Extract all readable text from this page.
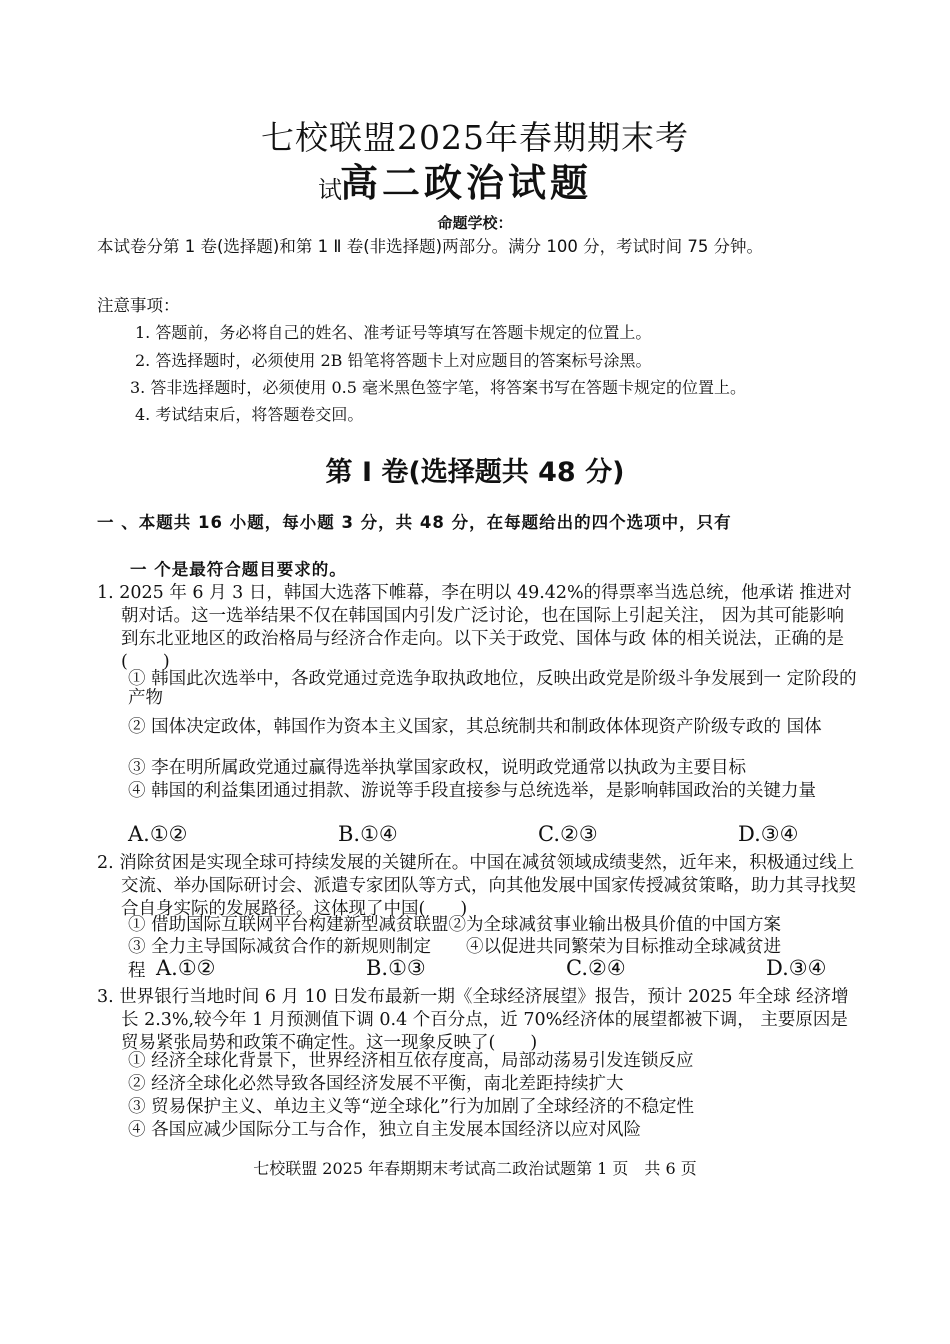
七校联盟2025年春期期末考
试
高二政治试题
命题学校：
本试卷分第 1 卷(选择题)和第 1 Ⅱ 卷(非选择题)两部分。满分 100 分，考试时间 75 分钟。
注意事项：
1. 答题前，务必将自己的姓名、准考证号等填写在答题卡规定的位置上。
2. 答选择题时，必须使用 2B 铅笔将答题卡上对应题目的答案标号涂黑。
3. 答非选择题时，必须使用 0.5 毫米黑色签字笔，将答案书写在答题卡规定的位置上。
4. 考试结束后，将答题卷交回。
第 I 卷(选择题共 48 分)
一 、本题共 16 小题，每小题 3 分，共 48 分，在每题给出的四个选项中，只有
一 个是最符合题目要求的。
1. 2025 年 6 月 3 日，韩国大选落下帷幕，李在明以 49.42%的得票率当选总统，他承诺 推进对朝对话。这一选举结果不仅在韩国国内引发广泛讨论，也在国际上引起关注， 因为其可能影响到东北亚地区的政治格局与经济合作走向。以下关于政党、国体与政 体的相关说法，正确的是(　　)
① 韩国此次选举中，各政党通过竞选争取执政地位，反映出政党是阶级斗争发展到一 定阶段的产物
② 国体决定政体，韩国作为资本主义国家，其总统制共和制政体体现资产阶级专政的 国体
③ 李在明所属政党通过赢得选举执掌国家政权，说明政党通常以执政为主要目标
④ 韩国的利益集团通过捐款、游说等手段直接参与总统选举，是影响韩国政治的关键力量
A.①②	B.①④	C.②③	D.③④
2. 消除贫困是实现全球可持续发展的关键所在。中国在减贫领域成绩斐然，近年来，积极通过线上交流、举办国际研讨会、派遣专家团队等方式，向其他发展中国家传授减贫策略，助力其寻找契合自身实际的发展路径。这体现了中国(　　)
① 借助国际互联网平台构建新型减贫联盟②为全球减贫事业输出极具价值的中国方案
③ 全力主导国际减贫合作的新规则制定　　④以促进共同繁荣为目标推动全球减贫进
程 A.①②	B.①③	C.②④	D.③④
3. 世界银行当地时间 6 月 10 日发布最新一期《全球经济展望》报告，预计 2025 年全球 经济增长 2.3%,较今年 1 月预测值下调 0.4 个百分点，近 70%经济体的展望都被下调， 主要原因是贸易紧张局势和政策不确定性。这一现象反映了(　　)
① 经济全球化背景下，世界经济相互依存度高，局部动荡易引发连锁反应
② 经济全球化必然导致各国经济发展不平衡，南北差距持续扩大
③ 贸易保护主义、单边主义等“逆全球化”行为加剧了全球经济的不稳定性
④ 各国应减少国际分工与合作，独立自主发展本国经济以应对风险
七校联盟 2025 年春期期末考试高二政治试题第 1 页　共 6 页
